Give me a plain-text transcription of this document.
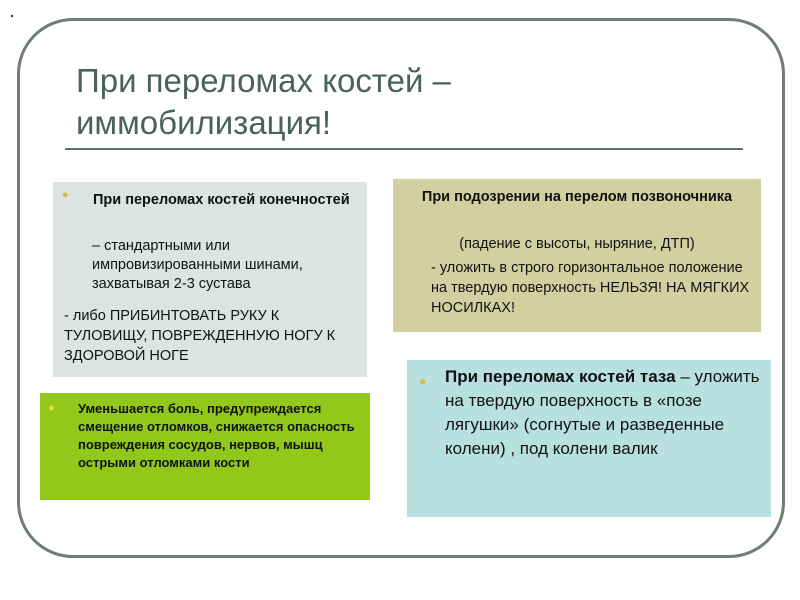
При переломах костей –
иммобилизация!
● При переломах костей конечностей

– стандартными или импровизированными шинами, захватывая 2-3 сустава

- либо ПРИБИНТОВАТЬ РУКУ К ТУЛОВИЩУ, ПОВРЕЖДЕННУЮ НОГУ К ЗДОРОВОЙ НОГЕ

● Уменьшается боль, предупреждается смещение отломков, снижается опасность повреждения сосудов, нервов, мышц острыми отломками кости

При подозрении на перелом позвоночника

(падение с высоты, ныряние, ДТП)

- уложить в строго горизонтальное положение на твердую поверхность НЕЛЬЗЯ! НА МЯГКИХ НОСИЛКАХ!

● При переломах костей таза – уложить на твердую поверхность в «позе лягушки» (согнутые и разведенные колени) , под колени валик
